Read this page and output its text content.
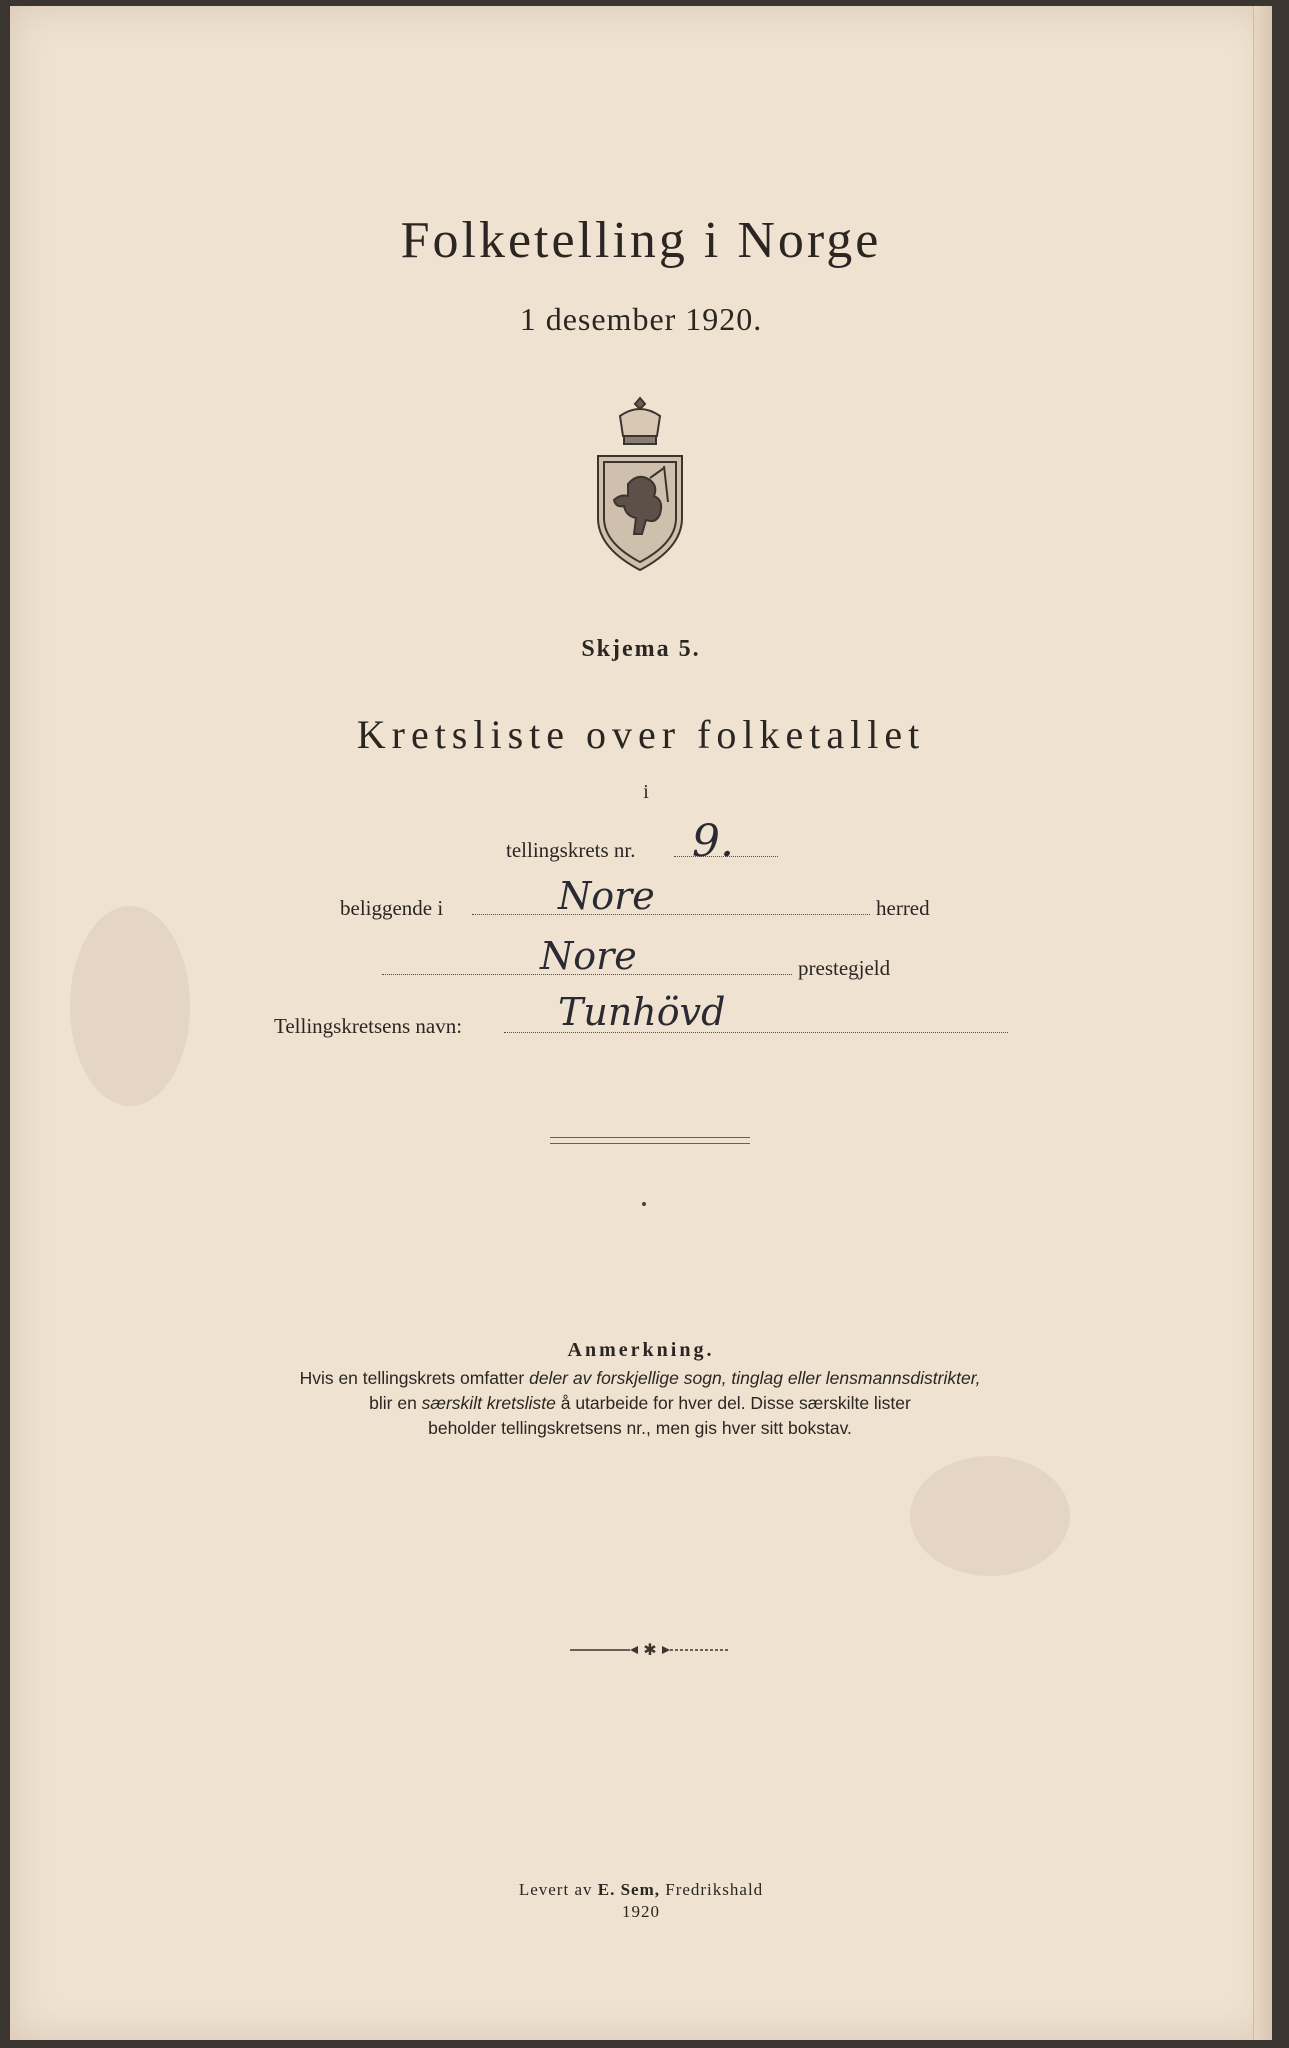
Folketelling i Norge
1 desember 1920.
Skjema 5.
Kretsliste over folketallet
i
tellingskrets nr. 9.
beliggende i	Nore	herred
Nore	prestegjeld
Tellingskretsens navn:	Tunhövd
Anmerkning.
Hvis en tellingskrets omfatter deler av forskjellige sogn, tinglag eller lensmannsdistrikter,
blir en særskilt kretsliste å utarbeide for hver del. Disse særskilte lister
beholder tellingskretsens nr., men gis hver sitt bokstav.
✱
Levert av E. Sem, Fredrikshald
1920
